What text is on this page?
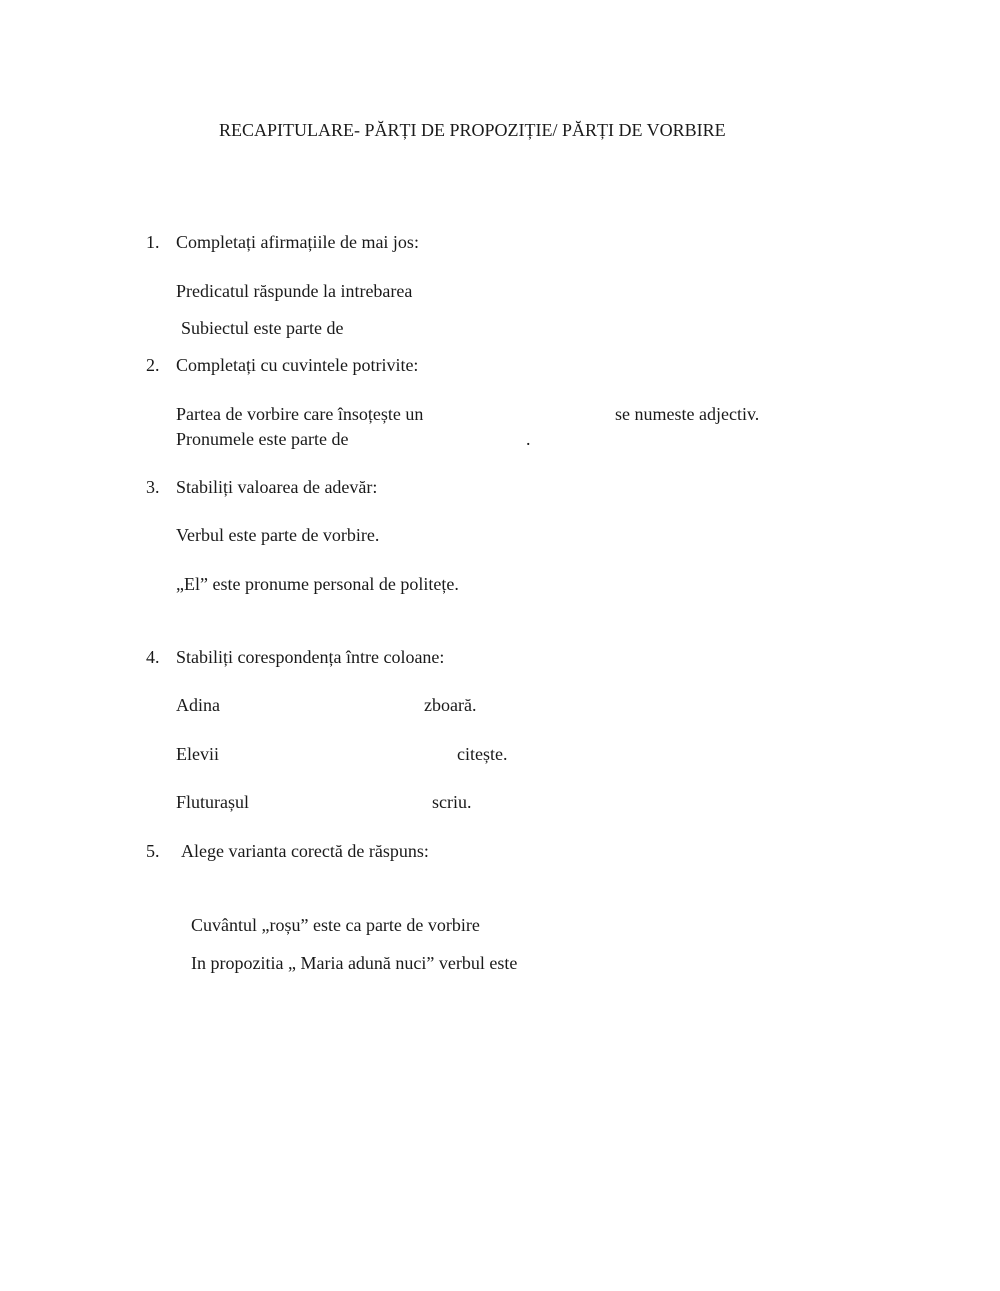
RECAPITULARE- PĂRȚI DE PROPOZIȚIE/ PĂRȚI DE VORBIRE
1. Completați afirmațiile de mai jos:
Predicatul răspunde la intrebarea
Subiectul este parte de
2. Completați cu cuvintele potrivite:
Partea de vorbire care însoțește un	se numeste adjectiv.
Pronumele este parte de	.
3. Stabiliți valoarea de adevăr:
Verbul este parte de vorbire.
„El” este pronume personal de politețe.
4. Stabiliți corespondența între coloane:
Adina	zboară.
Elevii	citește.
Fluturașul	scriu.
5. Alege varianta corectă de răspuns:
Cuvântul „roșu” este ca parte de vorbire
In propozitia „ Maria adună nuci” verbul este
